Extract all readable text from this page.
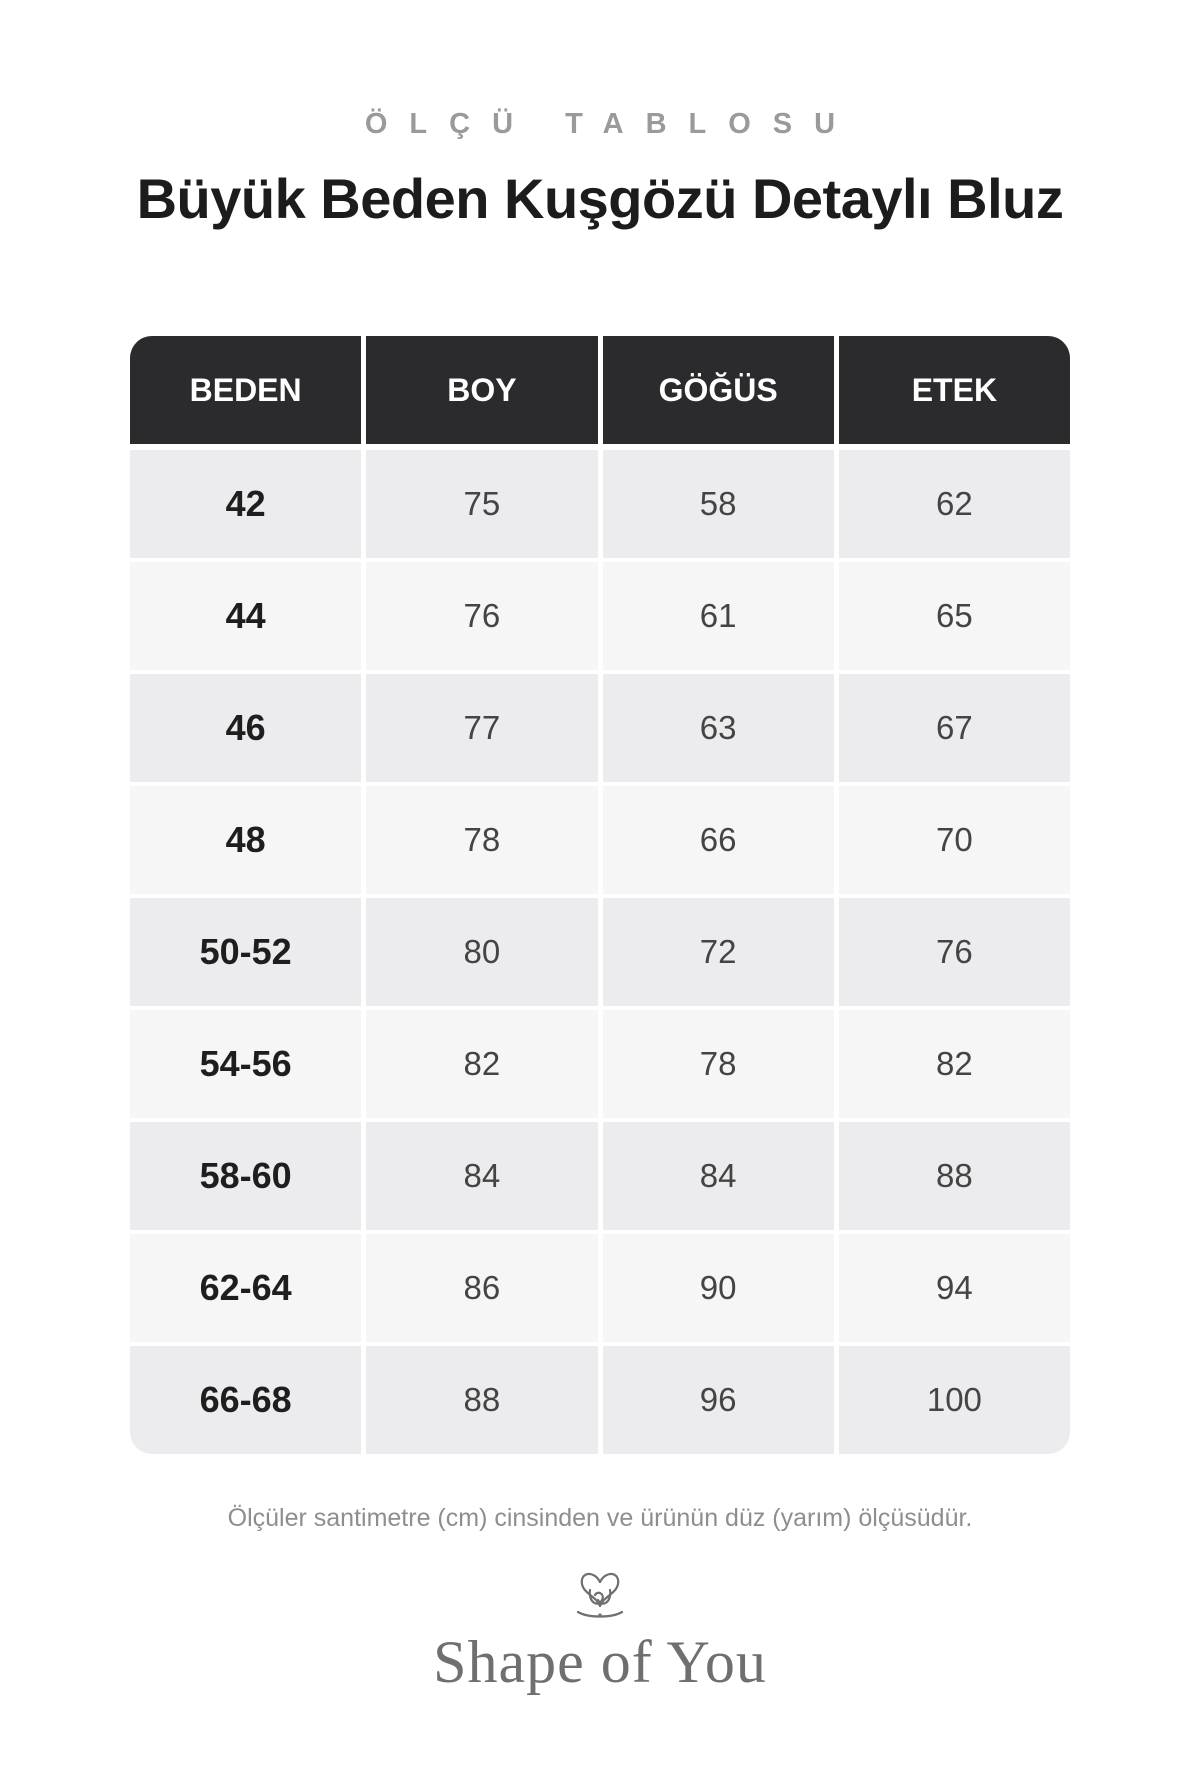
ÖLÇÜ TABLOSU
Büyük Beden Kuşgözü Detaylı Bluz
BEDEN	BOY	GÖĞÜS	ETEK
42	75	58	62
44	76	61	65
46	77	63	67
48	78	66	70
50-52	80	72	76
54-56	82	78	82
58-60	84	84	88
62-64	86	90	94
66-68	88	96	100
Ölçüler santimetre (cm) cinsinden ve ürünün düz (yarım) ölçüsüdür.
Shape of You
